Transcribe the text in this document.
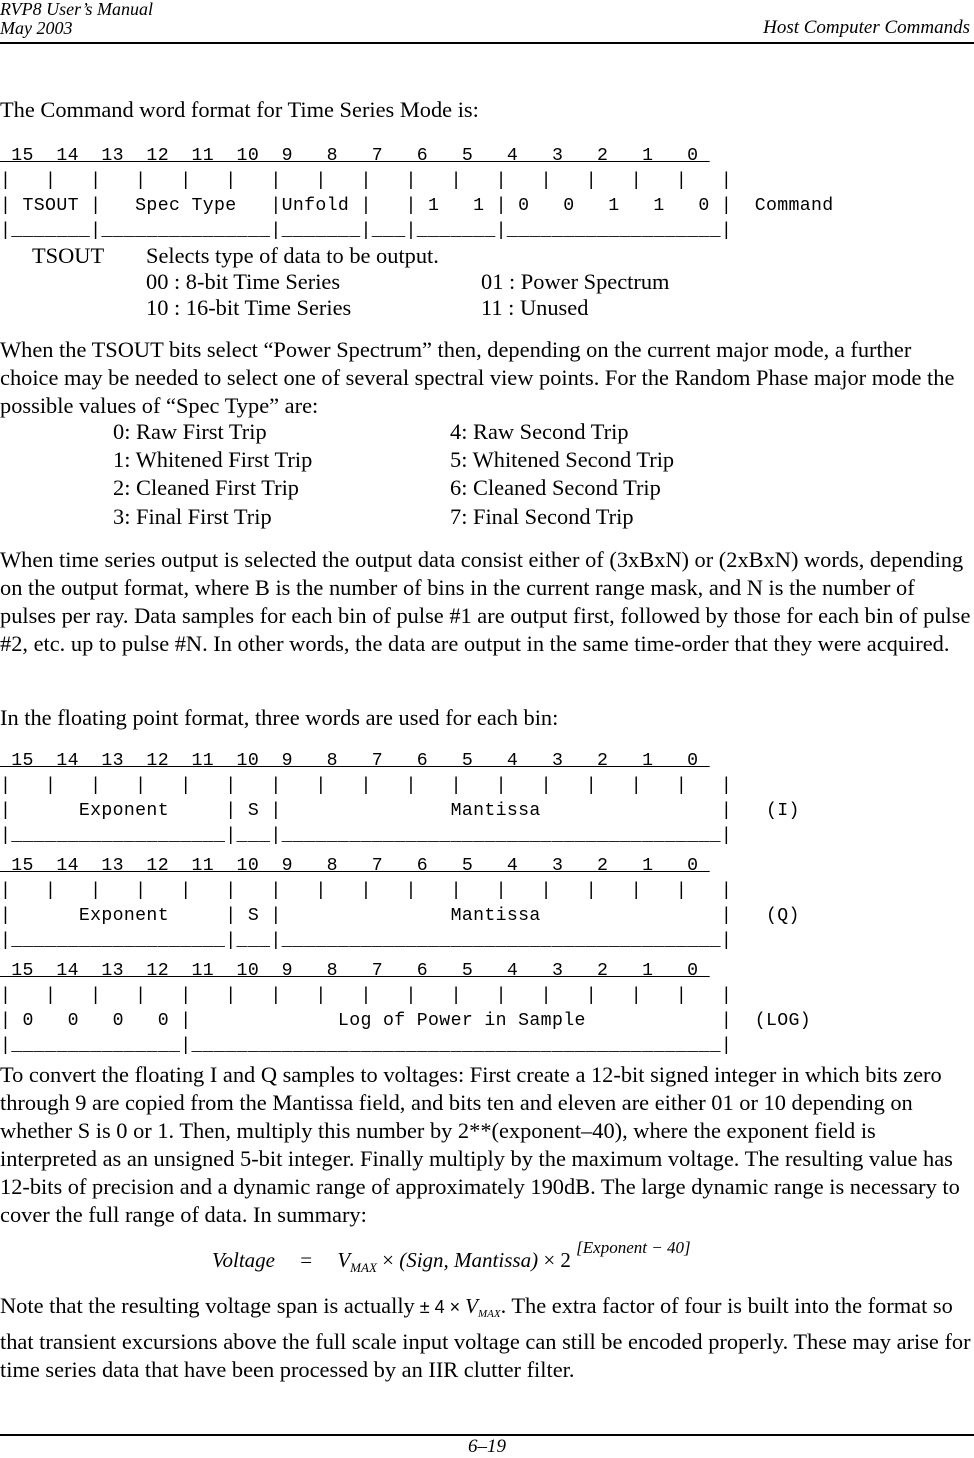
RVP8 User’s Manual
May 2003	Host Computer Commands

The Command word format for Time Series Mode is:

15  14  13  12  11  10  9   8   7   6   5   4   3   2   1   0
|   |   |   |   |   |   |   |   |   |   |   |   |   |   |   |   |
| TSOUT |   Spec Type   |Unfold |   | 1   1 | 0   0   1   1   0 |  Command
|_______|_______________|_______|___|_______|___________________|
TSOUT Selects type of data to be output.
00 : 8-bit Time Series	01 : Power Spectrum
10 : 16-bit Time Series	11 : Unused

When the TSOUT bits select “Power Spectrum” then, depending on the current major mode, a further choice may be needed to select one of several spectral view points. For the Random Phase major mode the possible values of “Spec Type” are:

0: Raw First Trip	4: Raw Second Trip
1: Whitened First Trip	5: Whitened Second Trip
2: Cleaned First Trip	6: Cleaned Second Trip
3: Final First Trip	7: Final Second Trip

When time series output is selected the output data consist either of (3xBxN) or (2xBxN) words, depending on the output format, where B is the number of bins in the current range mask, and N is the number of pulses per ray. Data samples for each bin of pulse #1 are output first, followed by those for each bin of pulse #2, etc. up to pulse #N. In other words, the data are output in the same time-order that they were acquired.

In the floating point format, three words are used for each bin:

15  14  13  12  11  10  9   8   7   6   5   4   3   2   1   0
|   |   |   |   |   |   |   |   |   |   |   |   |   |   |   |   |
|      Exponent     | S |               Mantissa                |   (I)
|___________________|___|_______________________________________|
15  14  13  12  11  10  9   8   7   6   5   4   3   2   1   0
|   |   |   |   |   |   |   |   |   |   |   |   |   |   |   |   |
|      Exponent     | S |               Mantissa                |   (Q)
|___________________|___|_______________________________________|
15  14  13  12  11  10  9   8   7   6   5   4   3   2   1   0
|   |   |   |   |   |   |   |   |   |   |   |   |   |   |   |   |
| 0   0   0   0 |             Log of Power in Sample            |  (LOG)
|_______________|_______________________________________________|

To convert the floating I and Q samples to voltages: First create a 12-bit signed integer in which bits zero through 9 are copied from the Mantissa field, and bits ten and eleven are either 01 or 10 depending on whether S is 0 or 1. Then, multiply this number by 2**(exponent–40), where the exponent field is interpreted as an unsigned 5-bit integer. Finally multiply by the maximum voltage. The resulting value has 12-bits of precision and a dynamic range of approximately 190dB. The large dynamic range is necessary to cover the full range of data. In summary:

Voltage = $V_{MAX}$ × (Sign, Mantissa) × 2 [Exponent − 40]

Note that the resulting voltage span is actually ± $4 \times V_{MAX}$. The extra factor of four is built into the format so that transient excursions above the full scale input voltage can still be encoded properly. These may arise for time series data that have been processed by an IIR clutter filter.

6–19
